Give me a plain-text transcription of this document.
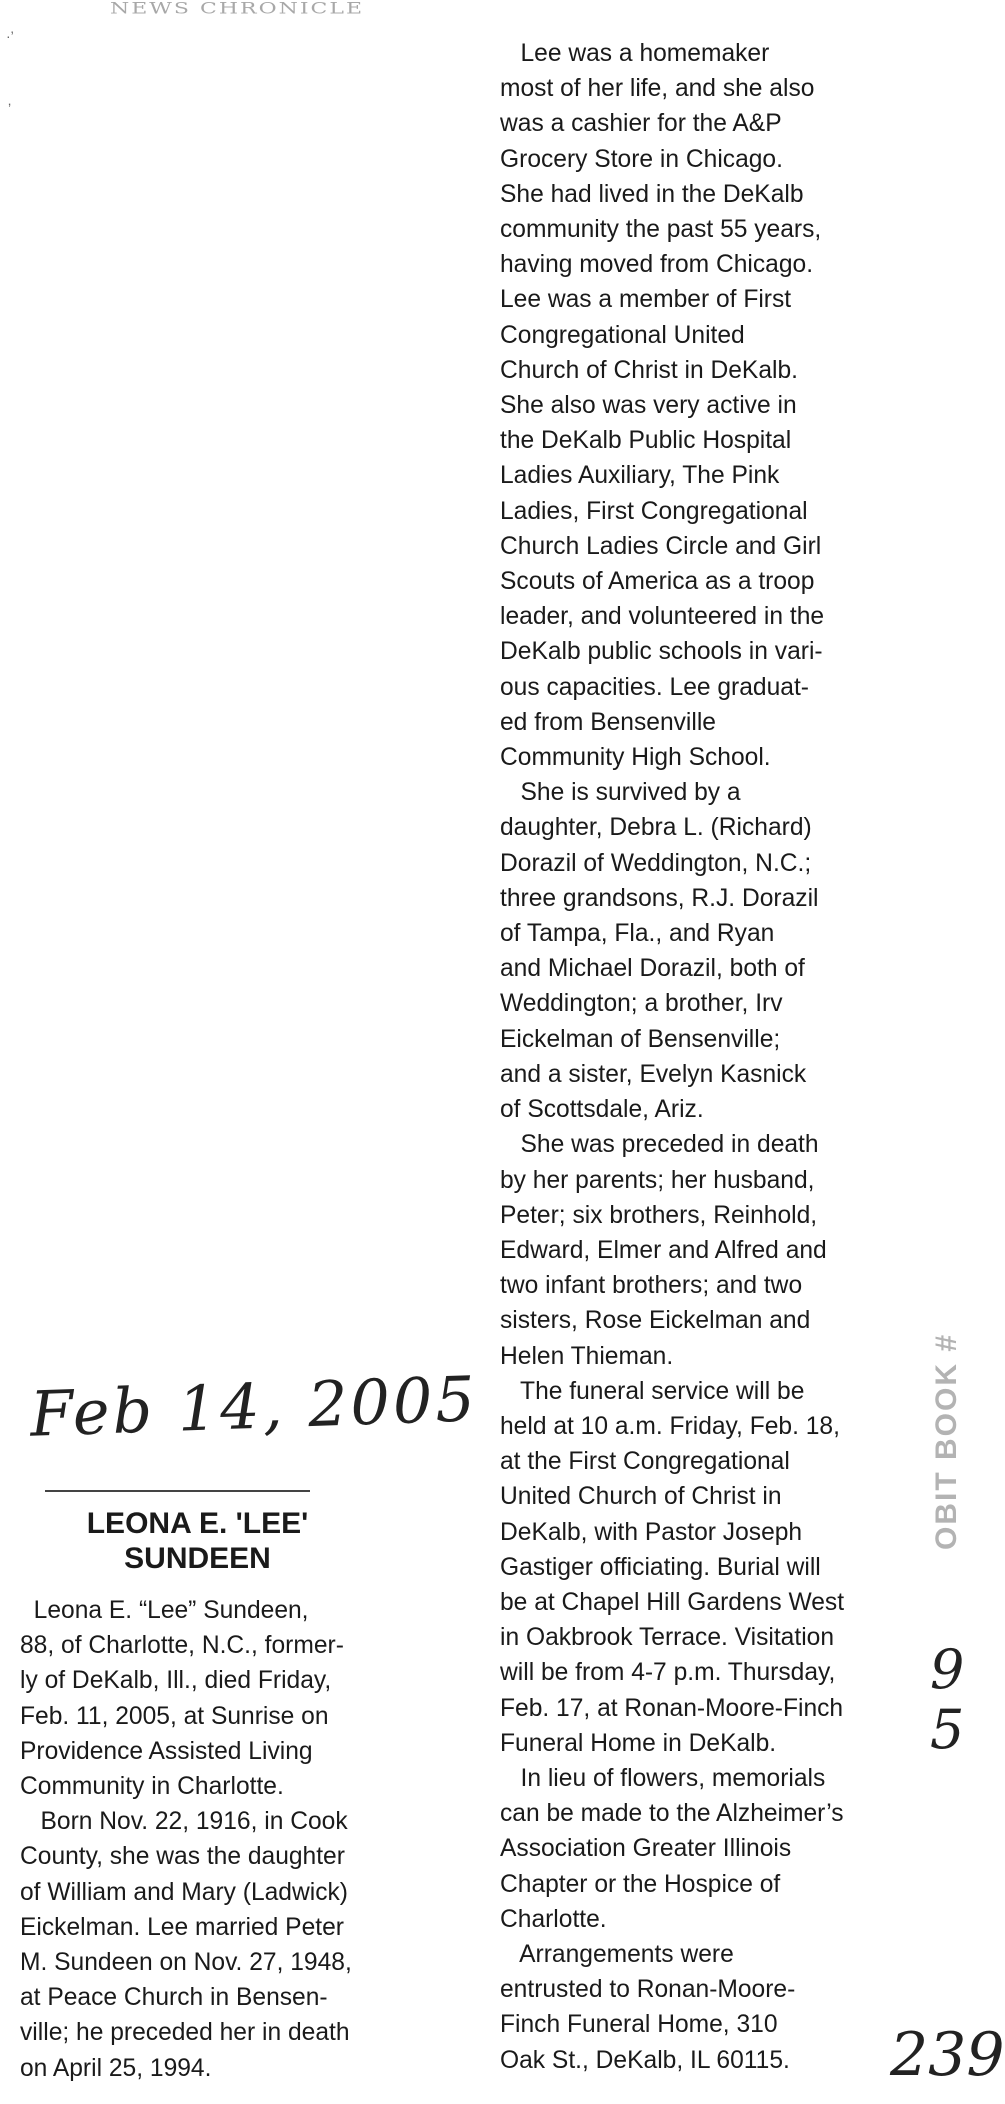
NEWS CHRONICLE
·’
‚

Lee was a homemaker

most of her life, and she also

was a cashier for the A&P

Grocery Store in Chicago.

She had lived in the DeKalb

community the past 55 years,

having moved from Chicago.

Lee was a member of First

Congregational United

Church of Christ in DeKalb.

She also was very active in

the DeKalb Public Hospital

Ladies Auxiliary, The Pink

Ladies, First Congregational

Church Ladies Circle and Girl

Scouts of America as a troop

leader, and volunteered in the

DeKalb public schools in vari-

ous capacities. Lee graduat-

ed from Bensenville

Community High School.

She is survived by a

daughter, Debra L. (Richard)

Dorazil of Weddington, N.C.;

three grandsons, R.J. Dorazil

of Tampa, Fla., and Ryan

and Michael Dorazil, both of

Weddington; a brother, Irv

Eickelman of Bensenville;

and a sister, Evelyn Kasnick

of Scottsdale, Ariz.

She was preceded in death

by her parents; her husband,

Peter; six brothers, Reinhold,

Edward, Elmer and Alfred and

two infant brothers; and two

sisters, Rose Eickelman and

Helen Thieman.

The funeral service will be

held at 10 a.m. Friday, Feb. 18,

at the First Congregational

United Church of Christ in

DeKalb, with Pastor Joseph

Gastiger officiating. Burial will

be at Chapel Hill Gardens West

in Oakbrook Terrace. Visitation

will be from 4-7 p.m. Thursday,

Feb. 17, at Ronan-Moore-Finch

Funeral Home in DeKalb.

In lieu of flowers, memorials

can be made to the Alzheimer’s

Association Greater Illinois

Chapter or the Hospice of

Charlotte.

Arrangements were

entrusted to Ronan-Moore-

Finch Funeral Home, 310

Oak St., DeKalb, IL 60115.

Feb 14, 2005
LEONA E. 'LEE'
SUNDEEN

Leona E. “Lee” Sundeen,

88, of Charlotte, N.C., former-

ly of DeKalb, Ill., died Friday,

Feb. 11, 2005, at Sunrise on

Providence Assisted Living

Community in Charlotte.

Born Nov. 22, 1916, in Cook

County, she was the daughter

of William and Mary (Ladwick)

Eickelman. Lee married Peter

M. Sundeen on Nov. 27, 1948,

at Peace Church in Bensen-

ville; he preceded her in death

on April 25, 1994.

OBIT BOOK #
9
5
239
